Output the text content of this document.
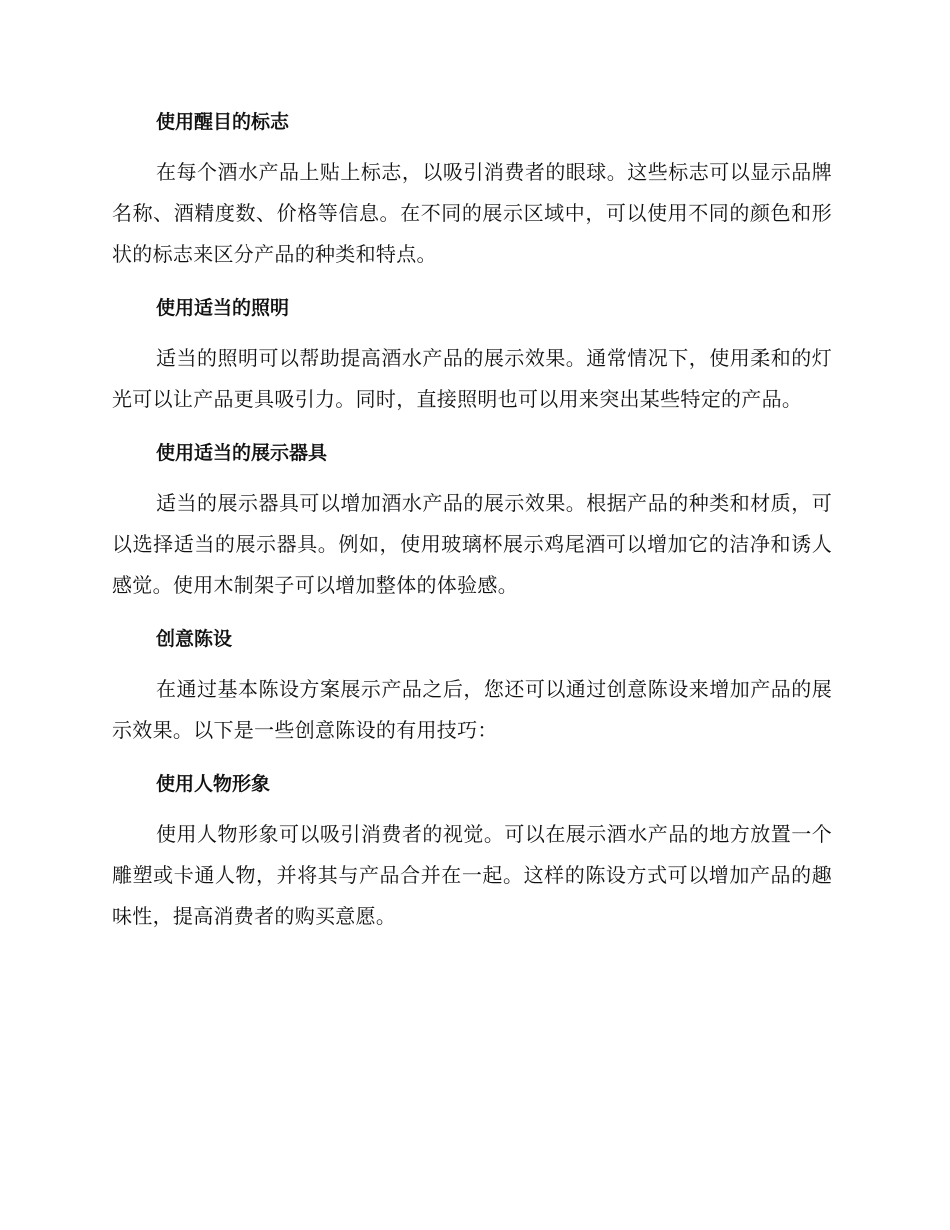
使用醒目的标志

在每个酒水产品上贴上标志，以吸引消费者的眼球。这些标志可以显示品牌名称、酒精度数、价格等信息。在不同的展示区域中，可以使用不同的颜色和形状的标志来区分产品的种类和特点。

使用适当的照明

适当的照明可以帮助提高酒水产品的展示效果。通常情况下，使用柔和的灯光可以让产品更具吸引力。同时，直接照明也可以用来突出某些特定的产品。

使用适当的展示器具

适当的展示器具可以增加酒水产品的展示效果。根据产品的种类和材质，可以选择适当的展示器具。例如，使用玻璃杯展示鸡尾酒可以增加它的洁净和诱人感觉。使用木制架子可以增加整体的体验感。

创意陈设

在通过基本陈设方案展示产品之后，您还可以通过创意陈设来增加产品的展示效果。以下是一些创意陈设的有用技巧：

使用人物形象

使用人物形象可以吸引消费者的视觉。可以在展示酒水产品的地方放置一个雕塑或卡通人物，并将其与产品合并在一起。这样的陈设方式可以增加产品的趣味性，提高消费者的购买意愿。
